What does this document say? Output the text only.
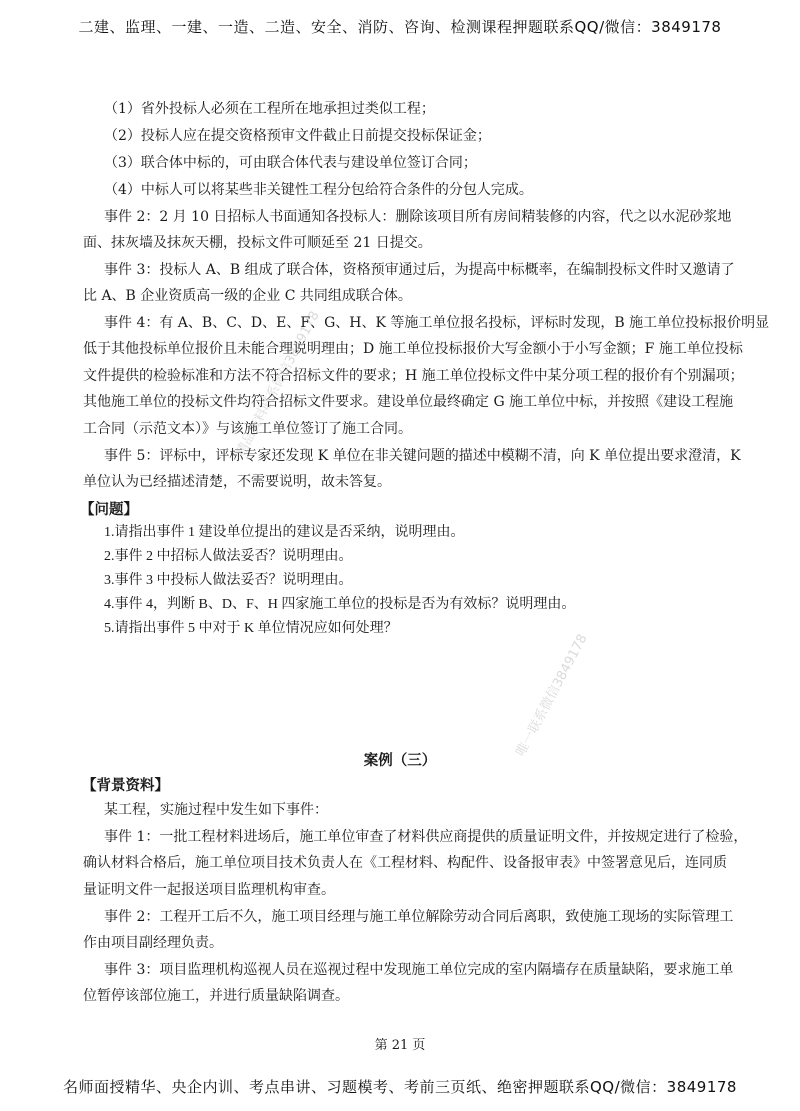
二建、监理、一建、一造、二造、安全、消防、咨询、检测课程押题联系QQ/微信：3849178
名师面授精华、央企内训、考点串讲、习题模考、考前三页纸、绝密押题联系QQ/微信：3849178
精品资料联系微信3849178
唯一联系微信3849178
（1）省外投标人必须在工程所在地承担过类似工程；
（2）投标人应在提交资格预审文件截止日前提交投标保证金；
（3）联合体中标的，可由联合体代表与建设单位签订合同；
（4）中标人可以将某些非关键性工程分包给符合条件的分包人完成。
事件 2：2 月 10 日招标人书面通知各投标人：删除该项目所有房间精装修的内容，代之以水泥砂浆地
面、抹灰墙及抹灰天棚，投标文件可顺延至 21 日提交。
事件 3：投标人 A、B 组成了联合体，资格预审通过后，为提高中标概率，在编制投标文件时又邀请了
比 A、B 企业资质高一级的企业 C 共同组成联合体。
事件 4：有 A、B、C、D、E、F、G、H、K 等施工单位报名投标，评标时发现，B 施工单位投标报价明显
低于其他投标单位报价且未能合理说明理由；D 施工单位投标报价大写金额小于小写金额；F 施工单位投标
文件提供的检验标准和方法不符合招标文件的要求；H 施工单位投标文件中某分项工程的报价有个别漏项；
其他施工单位的投标文件均符合招标文件要求。建设单位最终确定 G 施工单位中标，并按照《建设工程施
工合同（示范文本）》与该施工单位签订了施工合同。
事件 5：评标中，评标专家还发现 K 单位在非关键问题的描述中模糊不清，向 K 单位提出要求澄清，K
单位认为已经描述清楚，不需要说明，故未答复。
【问题】
1.请指出事件 1 建设单位提出的建议是否采纳，说明理由。
2.事件 2 中招标人做法妥否？说明理由。
3.事件 3 中投标人做法妥否？说明理由。
4.事件 4，判断 B、D、F、H 四家施工单位的投标是否为有效标？说明理由。
5.请指出事件 5 中对于 K 单位情况应如何处理？
案例（三）
【背景资料】
某工程，实施过程中发生如下事件：
事件 1：一批工程材料进场后，施工单位审查了材料供应商提供的质量证明文件，并按规定进行了检验，
确认材料合格后，施工单位项目技术负责人在《工程材料、构配件、设备报审表》中签署意见后，连同质
量证明文件一起报送项目监理机构审查。
事件 2：工程开工后不久，施工项目经理与施工单位解除劳动合同后离职，致使施工现场的实际管理工
作由项目副经理负责。
事件 3：项目监理机构巡视人员在巡视过程中发现施工单位完成的室内隔墙存在质量缺陷，要求施工单
位暂停该部位施工，并进行质量缺陷调查。
第 21 页
